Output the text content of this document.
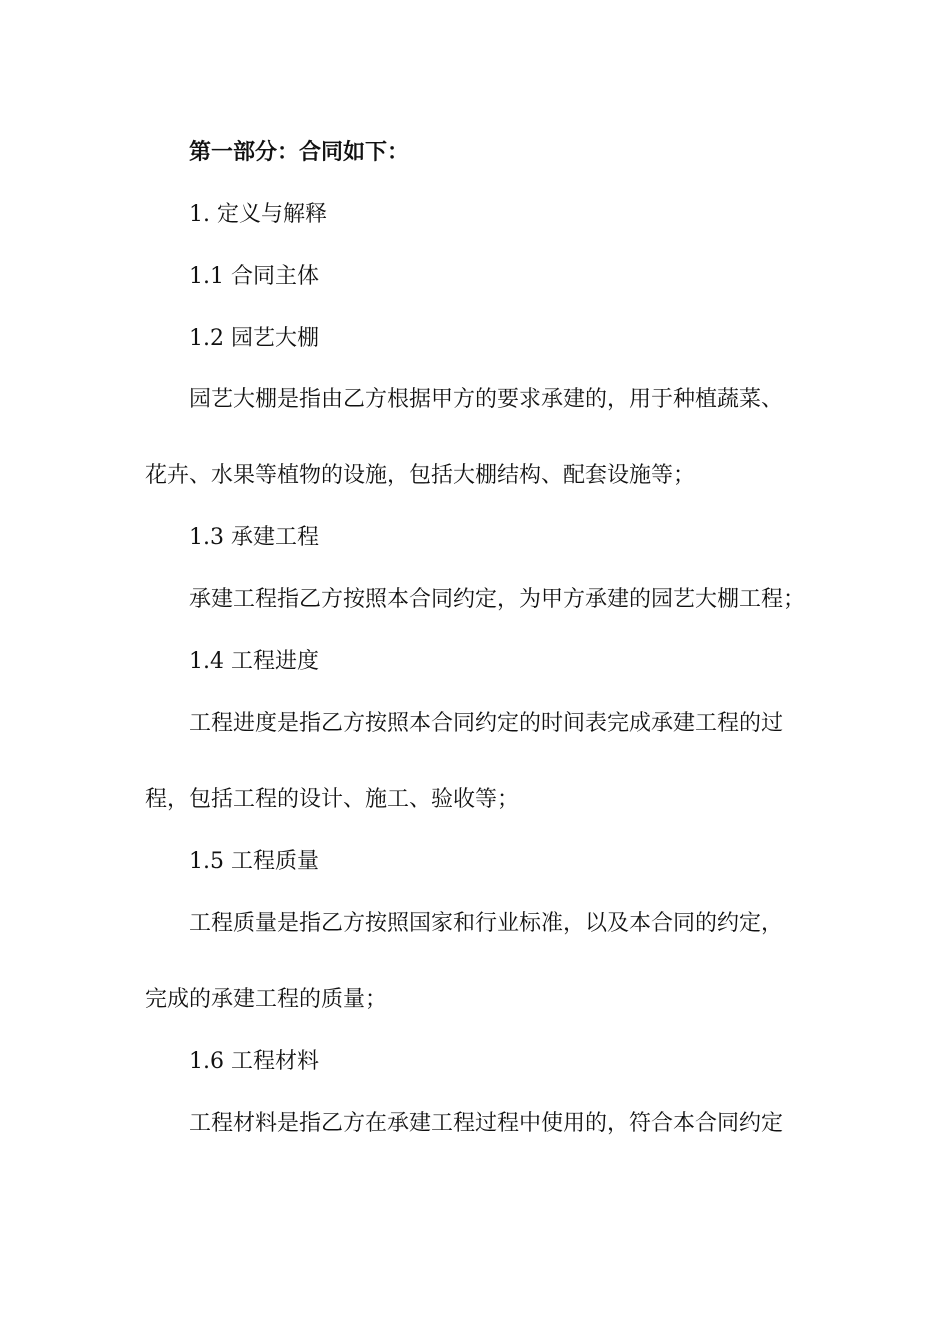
第一部分：合同如下：
1. 定义与解释
1.1 合同主体
1.2 园艺大棚
园艺大棚是指由乙方根据甲方的要求承建的，用于种植蔬菜、
花卉、水果等植物的设施，包括大棚结构、配套设施等；
1.3 承建工程
承建工程指乙方按照本合同约定，为甲方承建的园艺大棚工程；
1.4 工程进度
工程进度是指乙方按照本合同约定的时间表完成承建工程的过
程，包括工程的设计、施工、验收等；
1.5 工程质量
工程质量是指乙方按照国家和行业标准，以及本合同的约定，
完成的承建工程的质量；
1.6 工程材料
工程材料是指乙方在承建工程过程中使用的，符合本合同约定
